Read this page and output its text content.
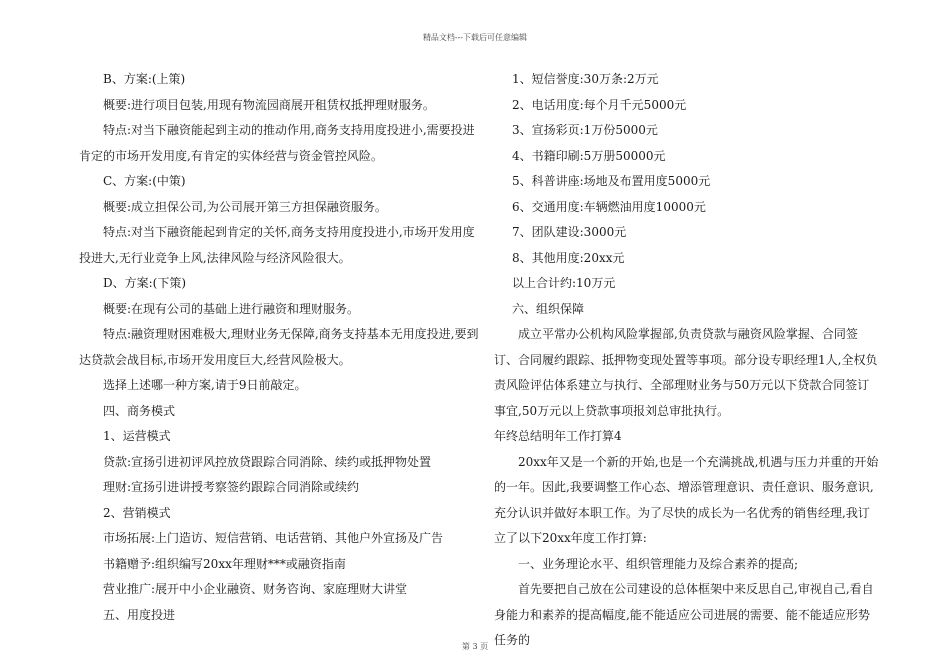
精品文档---下载后可任意编辑

B、方案:(上策)

概要:进行项目包装,用现有物流园商展开租赁权抵押理财服务。

特点:对当下融资能起到主动的推动作用,商务支持用度投进小,需要投进肯定的市场开发用度,有肯定的实体经营与资金管控风险。

C、方案:(中策)

概要:成立担保公司,为公司展开第三方担保融资服务。

特点:对当下融资能起到肯定的关怀,商务支持用度投进小,市场开发用度投进大,无行业竞争上风,法律风险与经济风险很大。

D、方案:(下策)

概要:在现有公司的基础上进行融资和理财服务。

特点:融资理财困难极大,理财业务无保障,商务支持基本无用度投进,要到达贷款会战目标,市场开发用度巨大,经营风险极大。

选择上述哪一种方案,请于9日前敲定。

四、商务模式

1、运营模式

贷款:宣扬引进初评风控放贷跟踪合同消除、续约或抵押物处置

理财:宣扬引进讲授考察签约跟踪合同消除或续约

2、营销模式

市场拓展:上门造访、短信营销、电话营销、其他户外宣扬及广告

书籍赠予:组织编写20xx年理财***或融资指南

营业推广:展开中小企业融资、财务咨询、家庭理财大讲堂

五、用度投进

1、短信誉度:30万条:2万元

2、电话用度:每个月千元5000元

3、宣扬彩页:1万份5000元

4、书籍印刷:5万册50000元

5、科普讲座:场地及布置用度5000元

6、交通用度:车辆燃油用度10000元

7、团队建设:3000元

8、其他用度:20xx元

以上合计约:10万元

六、组织保障

成立平常办公机构风险掌握部,负责贷款与融资风险掌握、合同签订、合同履约跟踪、抵押物变现处置等事项。部分设专职经理1人,全权负责风险评估体系建立与执行、全部理财业务与50万元以下贷款合同签订事宜,50万元以上贷款事项报刘总审批执行。

年终总结明年工作打算4

20xx年又是一个新的开始,也是一个充满挑战,机遇与压力并重的开始的一年。因此,我要调整工作心态、增添管理意识、责任意识、服务意识,充分认识并做好本职工作。为了尽快的成长为一名优秀的销售经理,我订立了以下20xx年度工作打算:

一、业务理论水平、组织管理能力及综合素养的提高;

首先要把自己放在公司建设的总体框架中来反思自己,审视自己,看自身能力和素养的提高幅度,能不能适应公司进展的需要、能不能适应形势任务的

第 3 页
